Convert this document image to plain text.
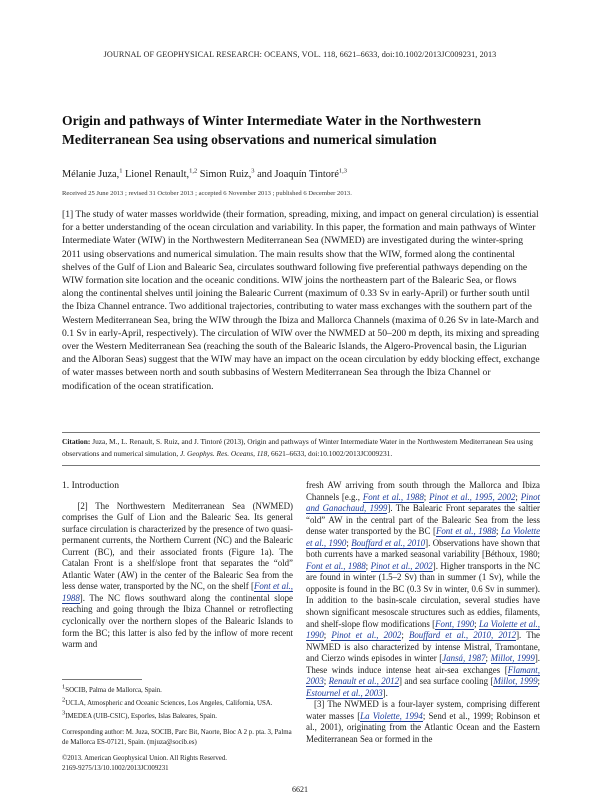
JOURNAL OF GEOPHYSICAL RESEARCH: OCEANS, VOL. 118, 6621–6633, doi:10.1002/2013JC009231, 2013
Origin and pathways of Winter Intermediate Water in the Northwestern Mediterranean Sea using observations and numerical simulation
Mélanie Juza,$^1$ Lionel Renault,$^{1,2}$ Simon Ruiz,$^3$ and Joaquín Tintoré$^{1,3}$
Received 25 June 2013 ; revised 31 October 2013 ; accepted 6 November 2013 ; published 6 December 2013.

[1] The study of water masses worldwide (their formation, spreading, mixing, and impact on general circulation) is essential for a better understanding of the ocean circulation and variability. In this paper, the formation and main pathways of Winter Intermediate Water (WIW) in the Northwestern Mediterranean Sea (NWMED) are investigated during the winter-spring 2011 using observations and numerical simulation. The main results show that the WIW, formed along the continental shelves of the Gulf of Lion and Balearic Sea, circulates southward following five preferential pathways depending on the WIW formation site location and the oceanic conditions. WIW joins the northeastern part of the Balearic Sea, or flows along the continental shelves until joining the Balearic Current (maximum of 0.33 Sv in early-April) or further south until the Ibiza Channel entrance. Two additional trajectories, contributing to water mass exchanges with the southern part of the Western Mediterranean Sea, bring the WIW through the Ibiza and Mallorca Channels (maxima of 0.26 Sv in late-March and 0.1 Sv in early-April, respectively). The circulation of WIW over the NWMED at 50–200 m depth, its mixing and spreading over the Western Mediterranean Sea (reaching the south of the Balearic Islands, the Algero-Provencal basin, the Ligurian and the Alboran Seas) suggest that the WIW may have an impact on the ocean circulation by eddy blocking effect, exchange of water masses between north and south subbasins of Western Mediterranean Sea through the Ibiza Channel or modification of the ocean stratification.

Citation: Juza, M., L. Renault, S. Ruiz, and J. Tintoré (2013), Origin and pathways of Winter Intermediate Water in the Northwestern Mediterranean Sea using observations and numerical simulation, J. Geophys. Res. Oceans, 118, 6621–6633, doi:10.1002/2013JC009231.
1. Introduction

[2] The Northwestern Mediterranean Sea (NWMED) comprises the Gulf of Lion and the Balearic Sea. Its general surface circulation is characterized by the presence of two quasi-permanent currents, the Northern Current (NC) and the Balearic Current (BC), and their associated fronts (Figure 1a). The Catalan Front is a shelf/slope front that separates the “old” Atlantic Water (AW) in the center of the Balearic Sea from the less dense water, transported by the NC, on the shelf [Font et al., 1988]. The NC flows southward along the continental slope reaching and going through the Ibiza Channel or retroflecting cyclonically over the northern slopes of the Balearic Islands to form the BC; this latter is also fed by the inflow of more recent warm and

$^1$SOCIB, Palma de Mallorca, Spain.

$^2$UCLA, Atmospheric and Oceanic Sciences, Los Angeles, California, USA.

$^3$IMEDEA (UIB-CSIC), Esporles, Islas Baleares, Spain.

Corresponding author: M. Juza, SOCIB, Parc Bit, Naorte, Bloc A 2 p. pta. 3, Palma de Mallorca ES-07121, Spain. (mjuza@socib.es)

©2013. American Geophysical Union. All Rights Reserved.

2169-9275/13/10.1002/2013JC009231

fresh AW arriving from south through the Mallorca and Ibiza Channels [e.g., Font et al., 1988; Pinot et al., 1995, 2002; Pinot and Ganachaud, 1999]. The Balearic Front separates the saltier “old” AW in the central part of the Balearic Sea from the less dense water transported by the BC [Font et al., 1988; La Violette et al., 1990; Bouffard et al., 2010]. Observations have shown that both currents have a marked seasonal variability [Béthoux, 1980; Font et al., 1988; Pinot et al., 2002]. Higher transports in the NC are found in winter (1.5–2 Sv) than in summer (1 Sv), while the opposite is found in the BC (0.3 Sv in winter, 0.6 Sv in summer). In addition to the basin-scale circulation, several studies have shown significant mesoscale structures such as eddies, filaments, and shelf-slope flow modifications [Font, 1990; La Violette et al., 1990; Pinot et al., 2002; Bouffard et al., 2010, 2012]. The NWMED is also characterized by intense Mistral, Tramontane, and Cierzo winds episodes in winter [Jansá, 1987; Millot, 1999]. These winds induce intense heat air-sea exchanges [Flamant, 2003; Renault et al., 2012] and sea surface cooling [Millot, 1999; Estournel et al., 2003].

[3] The NWMED is a four-layer system, comprising different water masses [La Violette, 1994; Send et al., 1999; Robinson et al., 2001), originating from the Atlantic Ocean and the Eastern Mediterranean Sea or formed in the

6621
